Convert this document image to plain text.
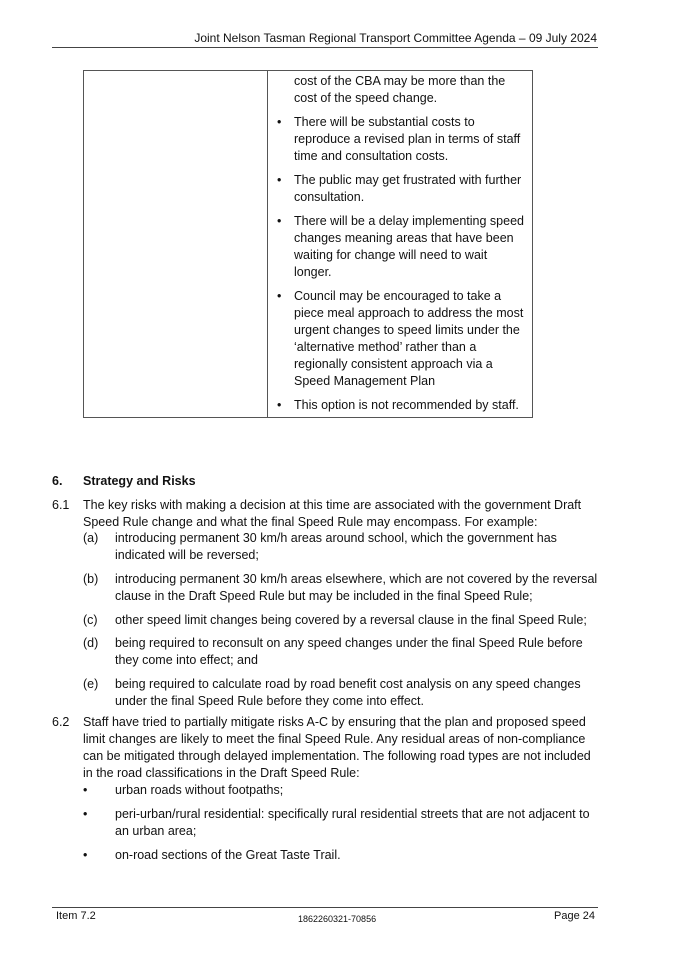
Joint Nelson Tasman Regional Transport Committee Agenda – 09 July 2024
cost of the CBA may be more than the cost of the speed change.
• There will be substantial costs to reproduce a revised plan in terms of staff time and consultation costs.
• The public may get frustrated with further consultation.
• There will be a delay implementing speed changes meaning areas that have been waiting for change will need to wait longer.
• Council may be encouraged to take a piece meal approach to address the most urgent changes to speed limits under the ‘alternative method’ rather than a regionally consistent approach via a Speed Management Plan
• This option is not recommended by staff.
6. Strategy and Risks
6.1 The key risks with making a decision at this time are associated with the government Draft Speed Rule change and what the final Speed Rule may encompass. For example:
(a) introducing permanent 30 km/h areas around school, which the government has indicated will be reversed;
(b) introducing permanent 30 km/h areas elsewhere, which are not covered by the reversal clause in the Draft Speed Rule but may be included in the final Speed Rule;
(c) other speed limit changes being covered by a reversal clause in the final Speed Rule;
(d) being required to reconsult on any speed changes under the final Speed Rule before they come into effect; and
(e) being required to calculate road by road benefit cost analysis on any speed changes under the final Speed Rule before they come into effect.
6.2 Staff have tried to partially mitigate risks A-C by ensuring that the plan and proposed speed limit changes are likely to meet the final Speed Rule. Any residual areas of non-compliance can be mitigated through delayed implementation. The following road types are not included in the road classifications in the Draft Speed Rule:
• urban roads without footpaths;
• peri-urban/rural residential: specifically rural residential streets that are not adjacent to an urban area;
• on-road sections of the Great Taste Trail.
Item 7.2	1862260321-70856	Page 24
